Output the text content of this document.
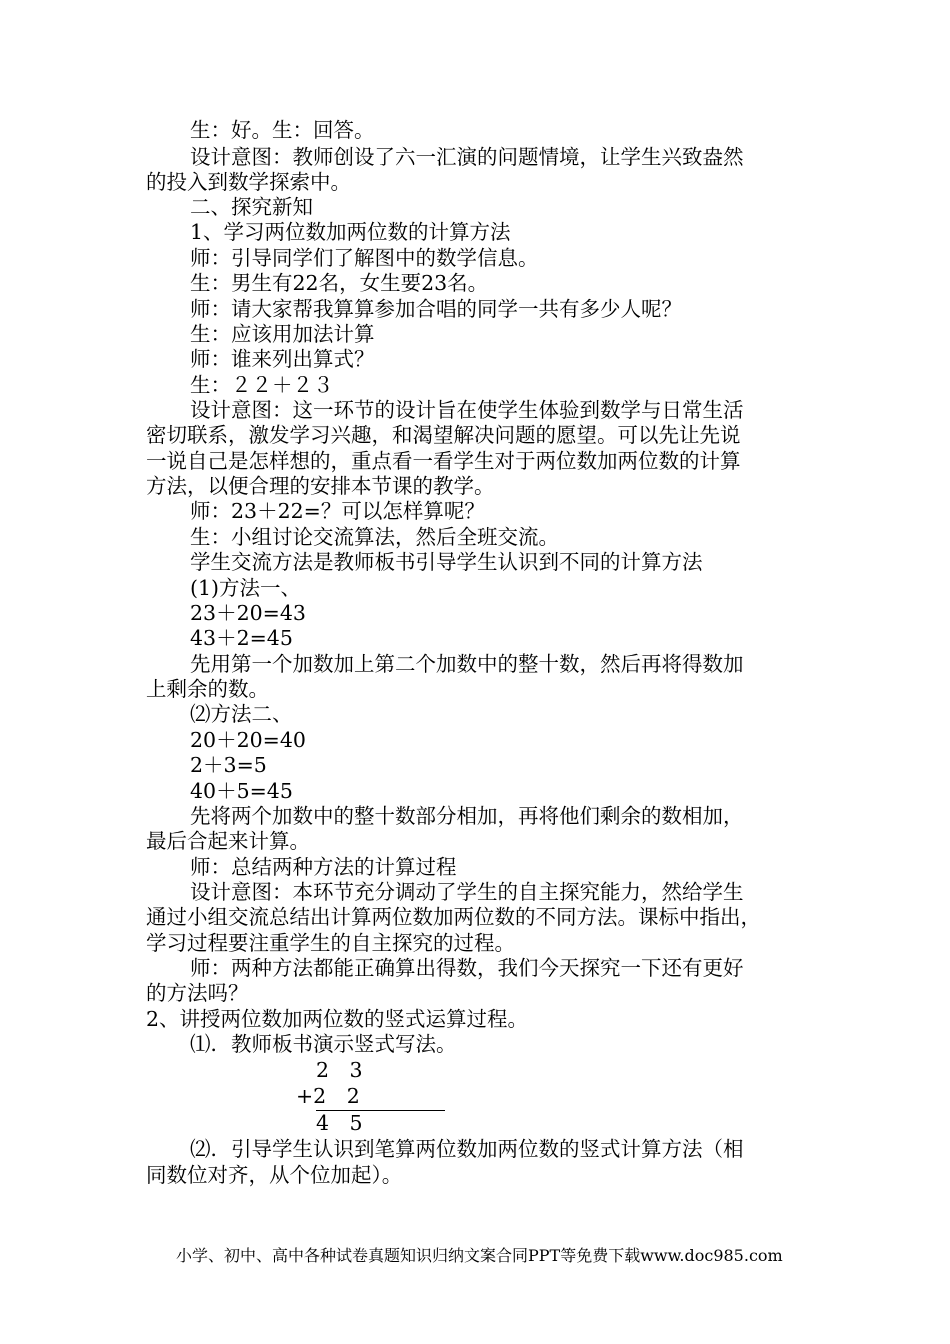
生：好。生：回答。
设计意图：教师创设了六一汇演的问题情境，让学生兴致盎然
的投入到数学探索中。
二、探究新知
1、学习两位数加两位数的计算方法
师：引导同学们了解图中的数学信息。
生：男生有22名，女生要23名。
师：请大家帮我算算参加合唱的同学一共有多少人呢？
生：应该用加法计算
师：谁来列出算式？
生：２２＋２３
设计意图：这一环节的设计旨在使学生体验到数学与日常生活
密切联系，激发学习兴趣，和渴望解决问题的愿望。可以先让先说
一说自己是怎样想的，重点看一看学生对于两位数加两位数的计算
方法，以便合理的安排本节课的教学。
师：23＋22=？可以怎样算呢？
生：小组讨论交流算法，然后全班交流。
学生交流方法是教师板书引导学生认识到不同的计算方法
(1)方法一、
23＋20=43
43＋2=45
先用第一个加数加上第二个加数中的整十数，然后再将得数加
上剩余的数。
⑵方法二、
20＋20=40
2＋3=5
40＋5=45
先将两个加数中的整十数部分相加，再将他们剩余的数相加，
最后合起来计算。
师：总结两种方法的计算过程
设计意图：本环节充分调动了学生的自主探究能力，然给学生
通过小组交流总结出计算两位数加两位数的不同方法。课标中指出，
学习过程要注重学生的自主探究的过程。
师：两种方法都能正确算出得数，我们今天探究一下还有更好
的方法吗？
2、讲授两位数加两位数的竖式运算过程。
⑴．教师板书演示竖式写法。
2　3
+2　2
4　5
⑵．引导学生认识到笔算两位数加两位数的竖式计算方法（相
同数位对齐，从个位加起）。
小学、初中、高中各种试卷真题知识归纳文案合同PPT等免费下载www.doc985.com
